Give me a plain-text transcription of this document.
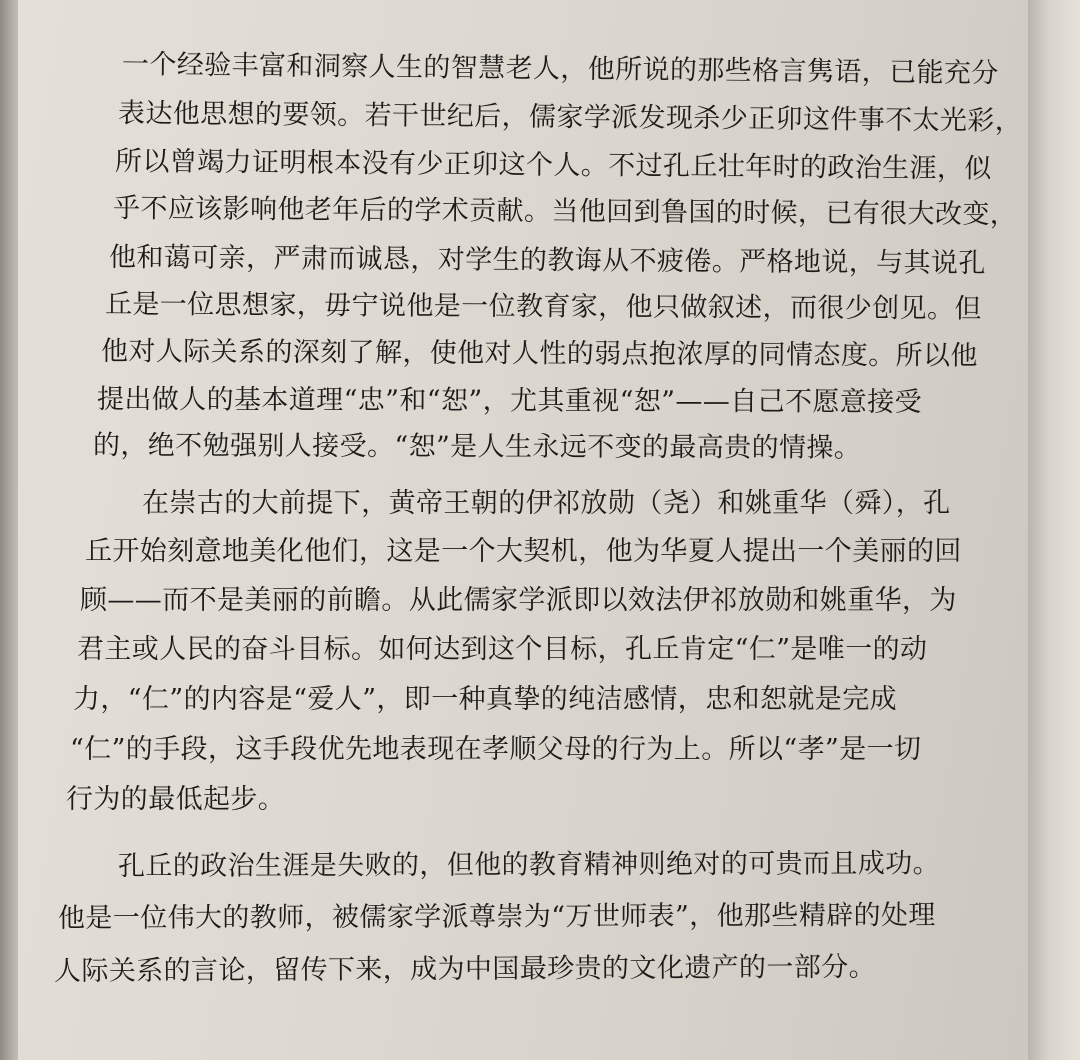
一个经验丰富和洞察人生的智慧老人，他所说的那些格言隽语，已能充分
表达他思想的要领。若干世纪后，儒家学派发现杀少正卯这件事不太光彩，
所以曾竭力证明根本没有少正卯这个人。不过孔丘壮年时的政治生涯，似
乎不应该影响他老年后的学术贡献。当他回到鲁国的时候，已有很大改变，
他和蔼可亲，严肃而诚恳，对学生的教诲从不疲倦。严格地说，与其说孔
丘是一位思想家，毋宁说他是一位教育家，他只做叙述，而很少创见。但
他对人际关系的深刻了解，使他对人性的弱点抱浓厚的同情态度。所以他
提出做人的基本道理“忠”和“恕”，尤其重视“恕”——自己不愿意接受
的，绝不勉强别人接受。“恕”是人生永远不变的最高贵的情操。
在崇古的大前提下，黄帝王朝的伊祁放勋（尧）和姚重华（舜），孔
丘开始刻意地美化他们，这是一个大契机，他为华夏人提出一个美丽的回
顾——而不是美丽的前瞻。从此儒家学派即以效法伊祁放勋和姚重华，为
君主或人民的奋斗目标。如何达到这个目标，孔丘肯定“仁”是唯一的动
力，“仁”的内容是“爱人”，即一种真挚的纯洁感情，忠和恕就是完成
“仁”的手段，这手段优先地表现在孝顺父母的行为上。所以“孝”是一切
行为的最低起步。
孔丘的政治生涯是失败的，但他的教育精神则绝对的可贵而且成功。
他是一位伟大的教师，被儒家学派尊崇为“万世师表”，他那些精辟的处理
人际关系的言论，留传下来，成为中国最珍贵的文化遗产的一部分。
